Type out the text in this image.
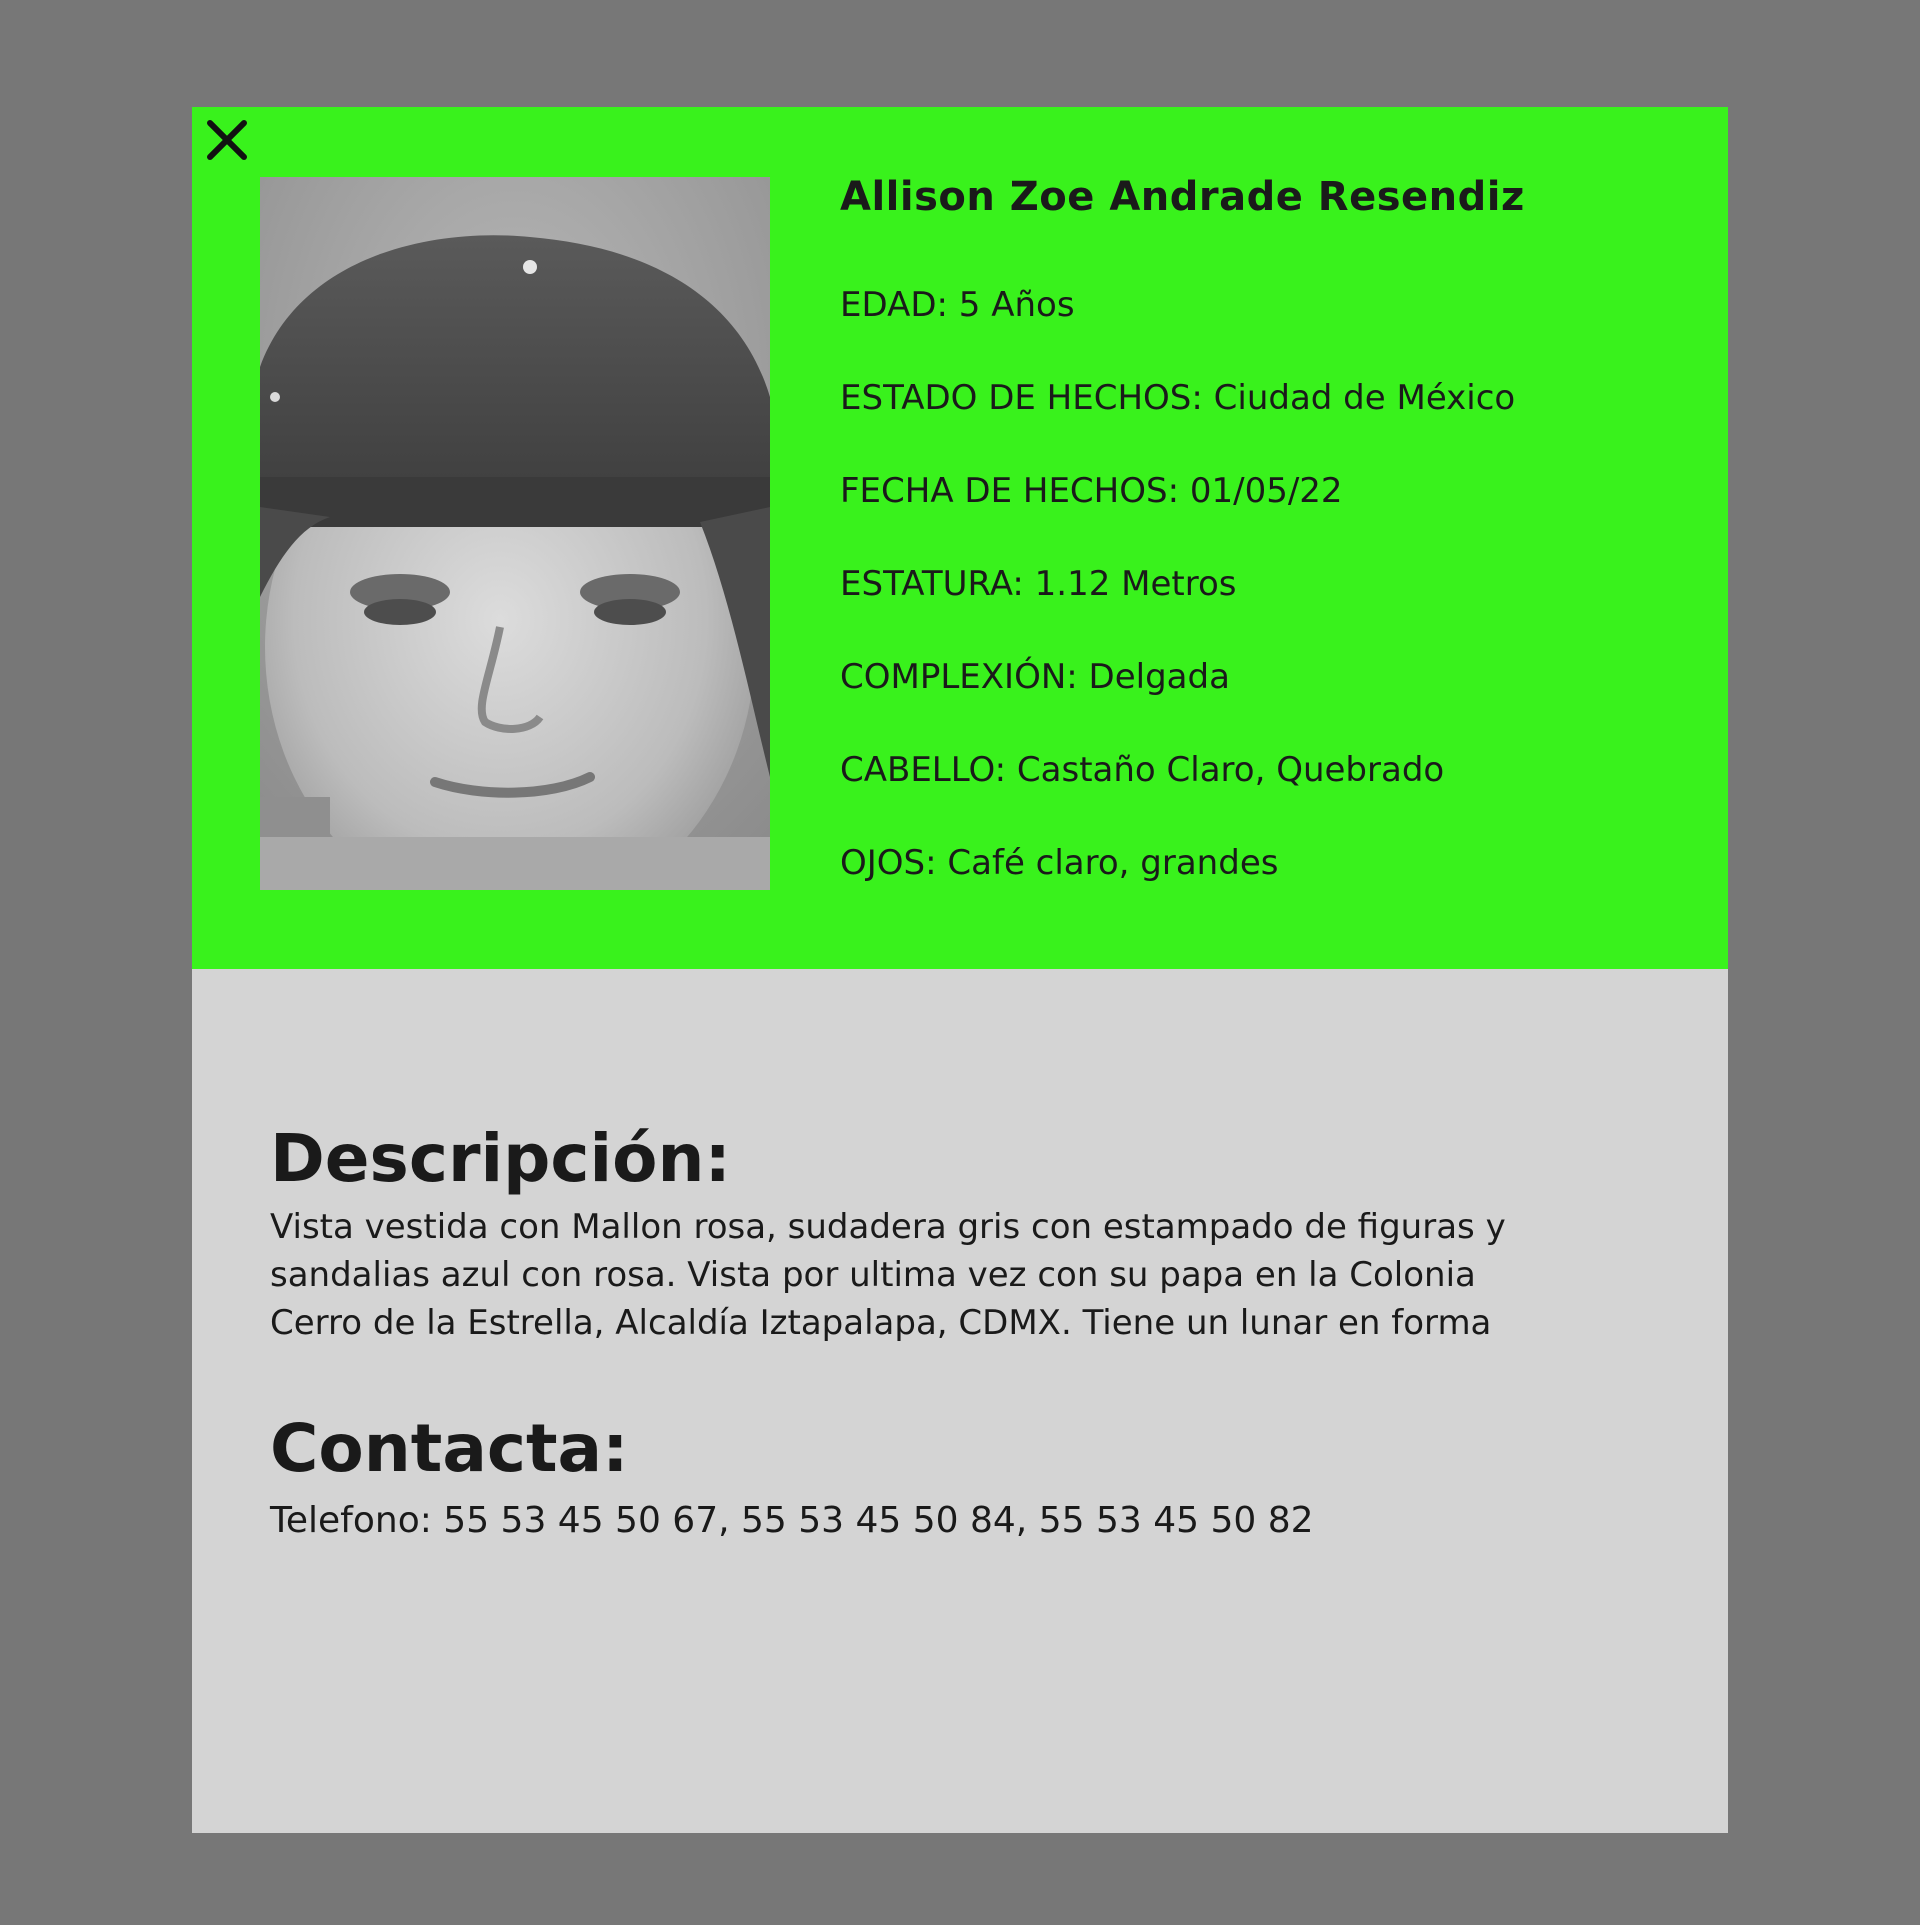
Allison Zoe Andrade Resendiz
EDAD: 5 Años
ESTADO DE HECHOS: Ciudad de México
FECHA DE HECHOS: 01/05/22
ESTATURA: 1.12 Metros
COMPLEXIÓN: Delgada
CABELLO: Castaño Claro, Quebrado
OJOS: Café claro, grandes
Descripción:

Vista vestida con Mallon rosa, sudadera gris con estampado de figuras y
sandalias azul con rosa. Vista por ultima vez con su papa en la Colonia
Cerro de la Estrella, Alcaldía Iztapalapa, CDMX. Tiene un lunar en forma

Contacta:

Telefono: 55 53 45 50 67, 55 53 45 50 84, 55 53 45 50 82
